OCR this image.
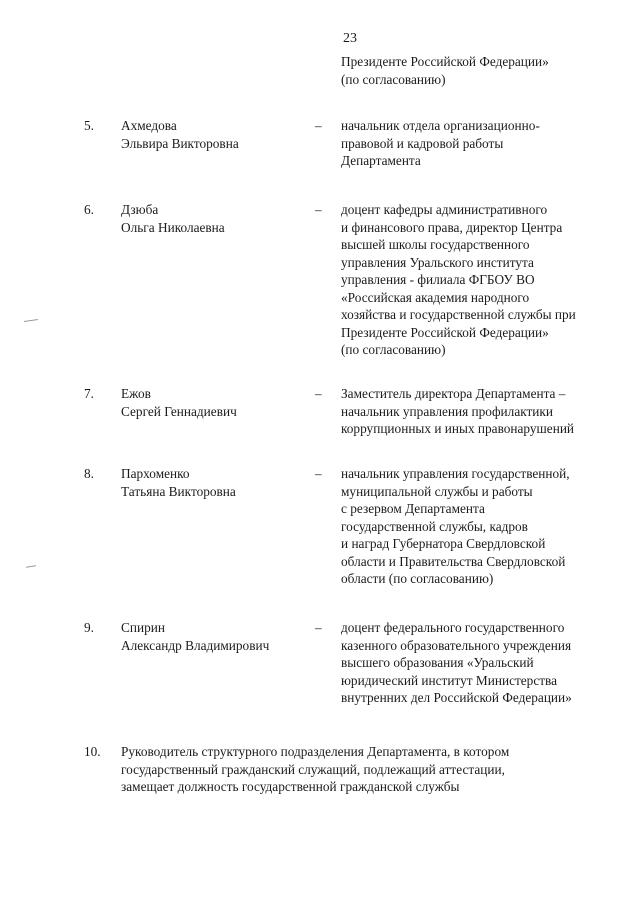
23
Президенте Российской Федерации»
(по согласованию)
5. Ахмедова
Эльвира Викторовна
– начальник отдела организационно-
правовой и кадровой работы
Департамента
6. Дзюба
Ольга Николаевна
– доцент кафедры административного
и финансового права, директор Центра
высшей школы государственного
управления Уральского института
управления - филиала ФГБОУ ВО
«Российская академия народного
хозяйства и государственной службы при
Президенте Российской Федерации»
(по согласованию)
7. Ежов
Сергей Геннадиевич
– Заместитель директора Департамента –
начальник управления профилактики
коррупционных и иных правонарушений
8. Пархоменко
Татьяна Викторовна
– начальник управления государственной,
муниципальной службы и работы
с резервом Департамента
государственной службы, кадров
и наград Губернатора Свердловской
области и Правительства Свердловской
области (по согласованию)
9. Спирин
Александр Владимирович
– доцент федерального государственного
казенного образовательного учреждения
высшего образования «Уральский
юридический институт Министерства
внутренних дел Российской Федерации»
10. Руководитель структурного подразделения Департамента, в котором
государственный гражданский служащий, подлежащий аттестации,
замещает должность государственной гражданской службы
